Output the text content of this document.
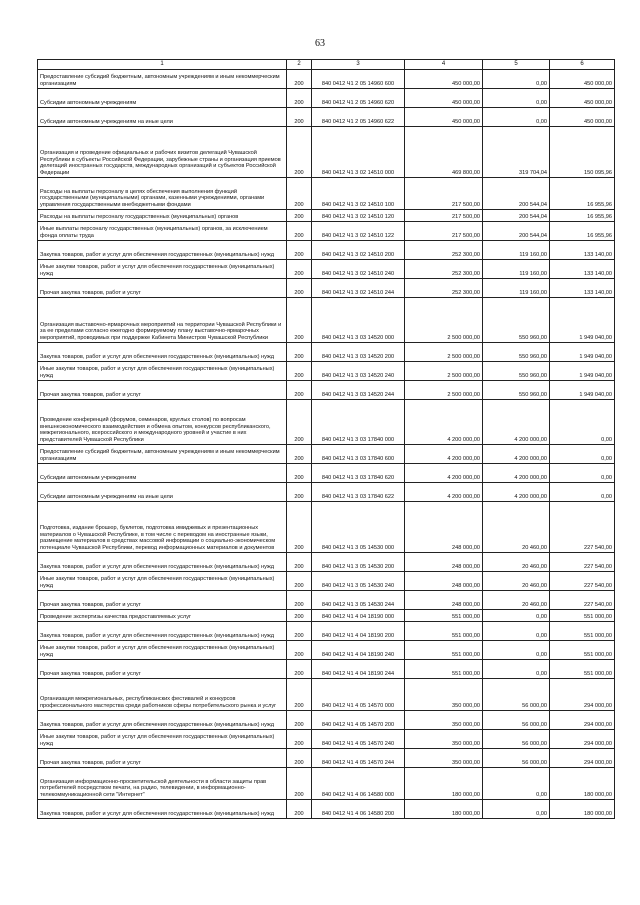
63
1	2	3	4	5	6
Предоставление субсидий бюджетным, автономным учреждениям и иным некоммерческим организациям	200	840 0412 Ч1 2 05 14960 600	450 000,00	0,00	450 000,00
Субсидии автономным учреждениям	200	840 0412 Ч1 2 05 14960 620	450 000,00	0,00	450 000,00
Субсидии автономным учреждениям на иные цели	200	840 0412 Ч1 2 05 14960 622	450 000,00	0,00	450 000,00
Организация и проведение официальных и рабочих визитов делегаций Чувашской Республики в субъекты Российской Федерации, зарубежные страны и организация приемов делегаций иностранных государств, международных организаций и субъектов Российской Федерации	200	840 0412 Ч1 3 02 14510 000	469 800,00	319 704,04	150 095,96
Расходы на выплаты персоналу в целях обеспечения выполнения функций государственными (муниципальными) органами, казенными учреждениями, органами управления государственными внебюджетными фондами	200	840 0412 Ч1 3 02 14510 100	217 500,00	200 544,04	16 955,96
Расходы на выплаты персоналу государственных (муниципальных) органов	200	840 0412 Ч1 3 02 14510 120	217 500,00	200 544,04	16 955,96
Иные выплаты персоналу государственных (муниципальных) органов, за исключением фонда оплаты труда	200	840 0412 Ч1 3 02 14510 122	217 500,00	200 544,04	16 955,96
Закупка товаров, работ и услуг для обеспечения государственных (муниципальных) нужд	200	840 0412 Ч1 3 02 14510 200	252 300,00	119 160,00	133 140,00
Иные закупки товаров, работ и услуг для обеспечения государственных (муниципальных) нужд	200	840 0412 Ч1 3 02 14510 240	252 300,00	119 160,00	133 140,00
Прочая закупка товаров, работ и услуг	200	840 0412 Ч1 3 02 14510 244	252 300,00	119 160,00	133 140,00
Организация выставочно-ярмарочных мероприятий на территории Чувашской Республики и за ее пределами согласно ежегодно формируемому плану выставочно-ярмарочных мероприятий, проводимых при поддержке Кабинета Министров Чувашской Республики	200	840 0412 Ч1 3 03 14520 000	2 500 000,00	550 960,00	1 949 040,00
Закупка товаров, работ и услуг для обеспечения государственных (муниципальных) нужд	200	840 0412 Ч1 3 03 14520 200	2 500 000,00	550 960,00	1 949 040,00
Иные закупки товаров, работ и услуг для обеспечения государственных (муниципальных) нужд	200	840 0412 Ч1 3 03 14520 240	2 500 000,00	550 960,00	1 949 040,00
Прочая закупка товаров, работ и услуг	200	840 0412 Ч1 3 03 14520 244	2 500 000,00	550 960,00	1 949 040,00
Проведение конференций (форумов, семинаров, круглых столов) по вопросам внешнеэкономического взаимодействия и обмена опытом, конкурсов республиканского, межрегионального, всероссийского и международного уровней и участие в них представителей Чувашской Республики	200	840 0412 Ч1 3 03 17840 000	4 200 000,00	4 200 000,00	0,00
Предоставление субсидий бюджетным, автономным учреждениям и иным некоммерческим организациям	200	840 0412 Ч1 3 03 17840 600	4 200 000,00	4 200 000,00	0,00
Субсидии автономным учреждениям	200	840 0412 Ч1 3 03 17840 620	4 200 000,00	4 200 000,00	0,00
Субсидии автономным учреждениям на иные цели	200	840 0412 Ч1 3 03 17840 622	4 200 000,00	4 200 000,00	0,00
Подготовка, издание брошюр, буклетов, подготовка имиджевых и презентационных материалов о Чувашской Республике, в том числе с переводом на иностранные языки, размещение материалов в средствах массовой информации о социально-экономическом потенциале Чувашской Республики, перевод информационных материалов и документов	200	840 0412 Ч1 3 05 14530 000	248 000,00	20 460,00	227 540,00
Закупка товаров, работ и услуг для обеспечения государственных (муниципальных) нужд	200	840 0412 Ч1 3 05 14530 200	248 000,00	20 460,00	227 540,00
Иные закупки товаров, работ и услуг для обеспечения государственных (муниципальных) нужд	200	840 0412 Ч1 3 05 14530 240	248 000,00	20 460,00	227 540,00
Прочая закупка товаров, работ и услуг	200	840 0412 Ч1 3 05 14530 244	248 000,00	20 460,00	227 540,00
Проведение экспертизы качества предоставляемых услуг	200	840 0412 Ч1 4 04 18190 000	551 000,00	0,00	551 000,00
Закупка товаров, работ и услуг для обеспечения государственных (муниципальных) нужд	200	840 0412 Ч1 4 04 18190 200	551 000,00	0,00	551 000,00
Иные закупки товаров, работ и услуг для обеспечения государственных (муниципальных) нужд	200	840 0412 Ч1 4 04 18190 240	551 000,00	0,00	551 000,00
Прочая закупка товаров, работ и услуг	200	840 0412 Ч1 4 04 18190 244	551 000,00	0,00	551 000,00
Организация межрегиональных, республиканских фестивалей и конкурсов профессионального мастерства среди работников сферы потребительского рынка и услуг	200	840 0412 Ч1 4 05 14570 000	350 000,00	56 000,00	294 000,00
Закупка товаров, работ и услуг для обеспечения государственных (муниципальных) нужд	200	840 0412 Ч1 4 05 14570 200	350 000,00	56 000,00	294 000,00
Иные закупки товаров, работ и услуг для обеспечения государственных (муниципальных) нужд	200	840 0412 Ч1 4 05 14570 240	350 000,00	56 000,00	294 000,00
Прочая закупка товаров, работ и услуг	200	840 0412 Ч1 4 05 14570 244	350 000,00	56 000,00	294 000,00
Организация информационно-просветительской деятельности в области защиты прав потребителей посредством печати, на радио, телевидении, в информационно-телекоммуникационной сети "Интернет"	200	840 0412 Ч1 4 06 14580 000	180 000,00	0,00	180 000,00
Закупка товаров, работ и услуг для обеспечения государственных (муниципальных) нужд	200	840 0412 Ч1 4 06 14580 200	180 000,00	0,00	180 000,00
